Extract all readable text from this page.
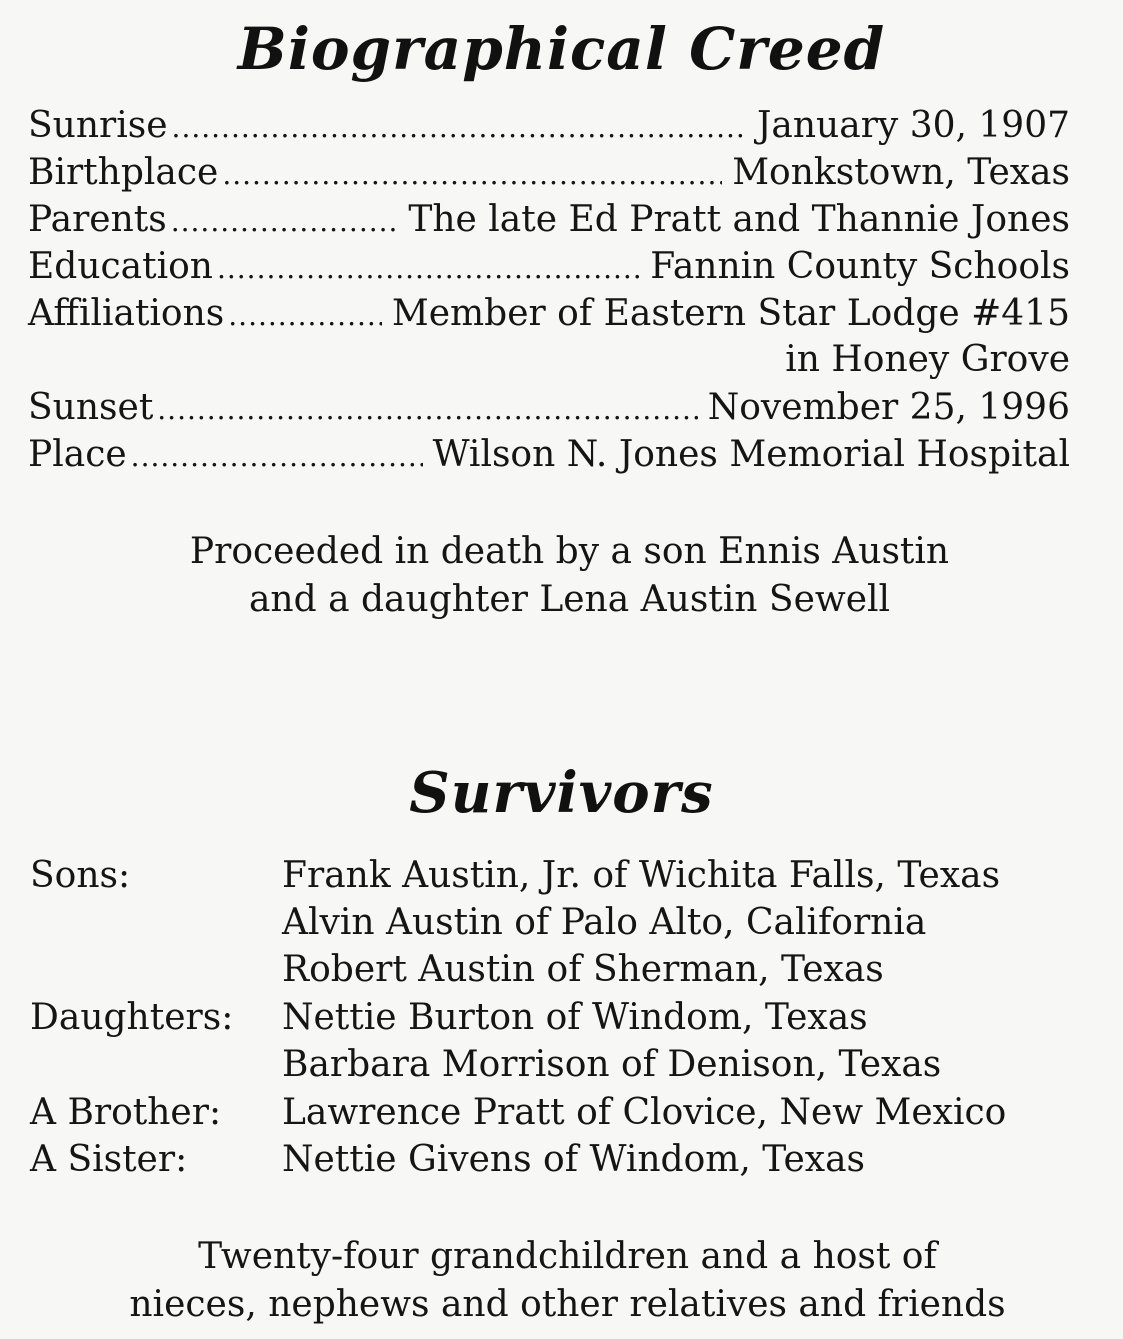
Biographical Creed
Sunrise .....	January 30, 1907
Birthplace .....	Monkstown, Texas
Parents .....	The late Ed Pratt and Thannie Jones
Education .....	Fannin County Schools
Affiliations .....	Member of Eastern Star Lodge #415
in Honey Grove
Sunset .....	November 25, 1996
Place .....	Wilson N. Jones Memorial Hospital
Proceeded in death by a son Ennis Austin
and a daughter Lena Austin Sewell
Survivors
Sons:	Frank Austin, Jr. of Wichita Falls, Texas
Alvin Austin of Palo Alto, California
Robert Austin of Sherman, Texas
Daughters: Nettie Burton of Windom, Texas
Barbara Morrison of Denison, Texas
A Brother: Lawrence Pratt of Clovice, New Mexico
A Sister:	Nettie Givens of Windom, Texas
Twenty-four grandchildren and a host of
nieces, nephews and other relatives and friends
